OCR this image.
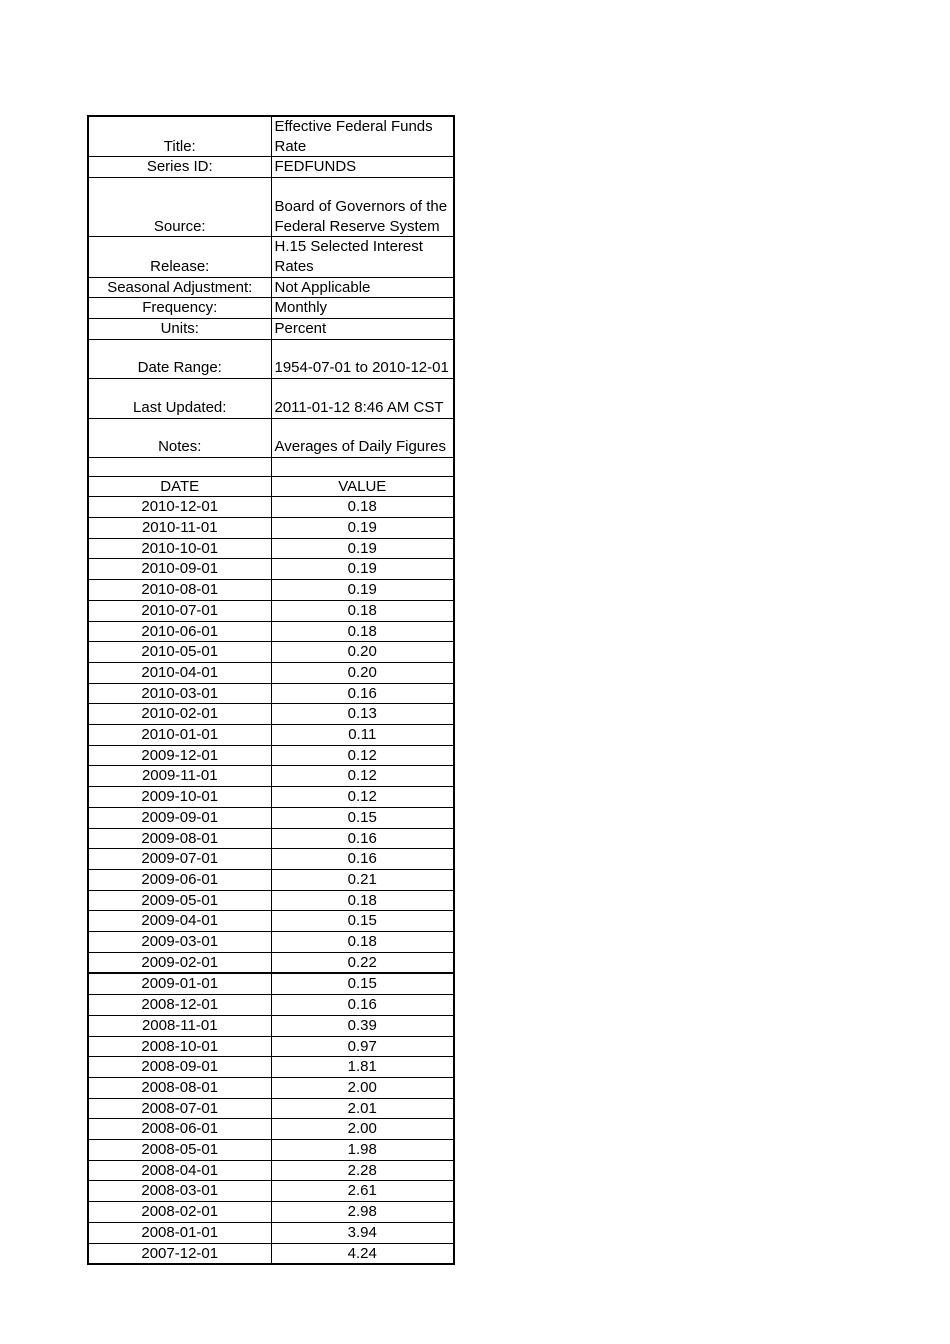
Title:	Effective Federal Funds Rate
Series ID:	FEDFUNDS
Source:	Board of Governors of the Federal Reserve System
Release:	H.15 Selected Interest Rates
Seasonal Adjustment:	Not Applicable
Frequency:	Monthly
Units:	Percent
Date Range:	1954-07-01 to 2010-12-01
Last Updated:	2011-01-12 8:46 AM CST
Notes:	Averages of Daily Figures

DATE	VALUE
2010-12-01	0.18
2010-11-01	0.19
2010-10-01	0.19
2010-09-01	0.19
2010-08-01	0.19
2010-07-01	0.18
2010-06-01	0.18
2010-05-01	0.20
2010-04-01	0.20
2010-03-01	0.16
2010-02-01	0.13
2010-01-01	0.11
2009-12-01	0.12
2009-11-01	0.12
2009-10-01	0.12
2009-09-01	0.15
2009-08-01	0.16
2009-07-01	0.16
2009-06-01	0.21
2009-05-01	0.18
2009-04-01	0.15
2009-03-01	0.18
2009-02-01	0.22
2009-01-01	0.15
2008-12-01	0.16
2008-11-01	0.39
2008-10-01	0.97
2008-09-01	1.81
2008-08-01	2.00
2008-07-01	2.01
2008-06-01	2.00
2008-05-01	1.98
2008-04-01	2.28
2008-03-01	2.61
2008-02-01	2.98
2008-01-01	3.94
2007-12-01	4.24
